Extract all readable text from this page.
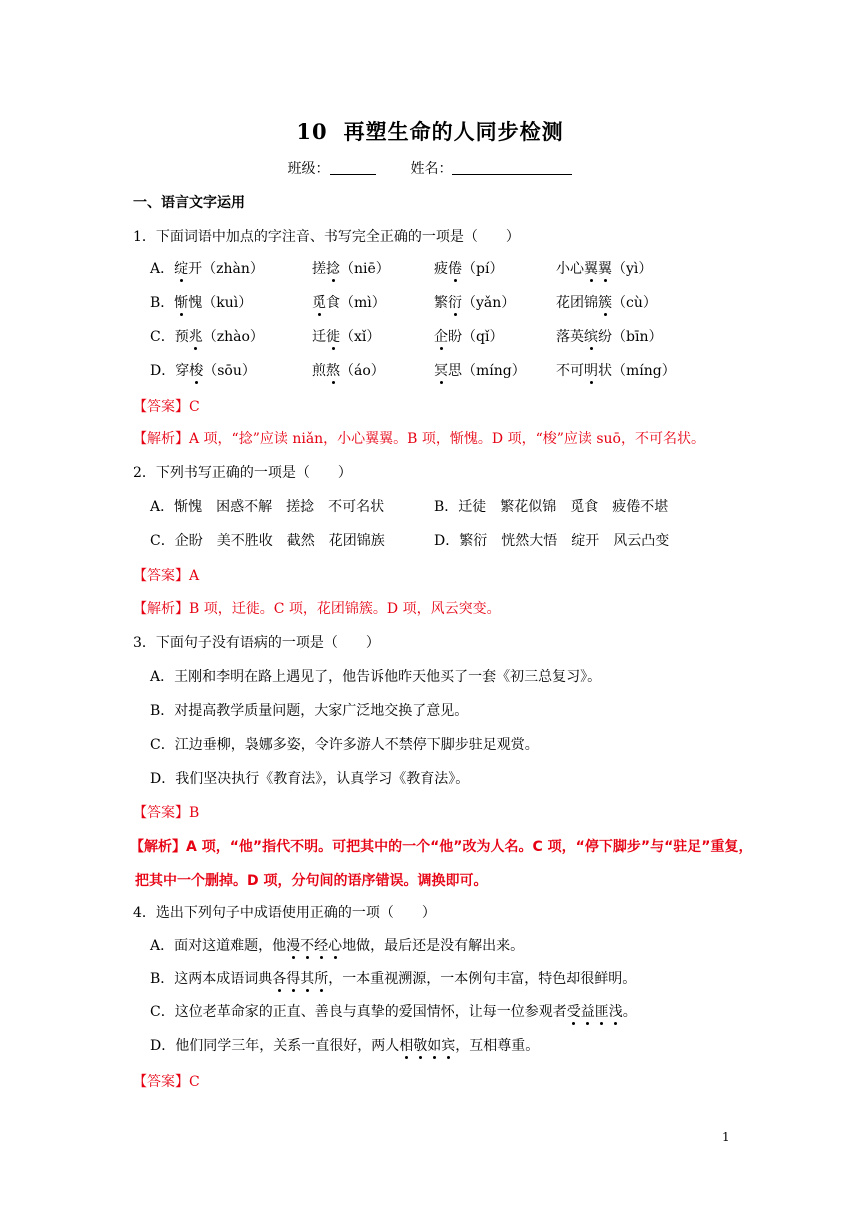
10 再塑生命的人同步检测
班级：	姓名：
一、语言文字运用
1．下面词语中加点的字注音、书写完全正确的一项是（　　）
A．绽开（zhàn）	搓捻（niē）	疲倦（pí）	小心翼翼（yì）
B．惭愧（kuì）	觅食（mì）	繁衍（yǎn）	花团锦簇（cù）
C．预兆（zhào）	迁徙（xǐ）	企盼（qǐ）	落英缤纷（bīn）
D．穿梭（sōu）	煎熬（áo）	冥思（míng） 不可明状（míng）
【答案】C
【解析】A 项，“捻”应读 niǎn，小心翼翼。B 项，惭愧。D 项，“梭”应读 suō，不可名状。
2．下列书写正确的一项是（　　）
A．惭愧　困惑不解　搓捻　不可名状	B．迁徒　繁花似锦　觅食　疲倦不堪
C．企盼　美不胜收　截然　花团锦族	D．繁衍　恍然大悟　绽开　风云凸变
【答案】A
【解析】B 项，迁徙。C 项，花团锦簇。D 项，风云突变。
3．下面句子没有语病的一项是（　　）
A．王刚和李明在路上遇见了，他告诉他昨天他买了一套《初三总复习》。
B．对提高教学质量问题，大家广泛地交换了意见。
C．江边垂柳，袅娜多姿，令许多游人不禁停下脚步驻足观赏。
D．我们坚决执行《教育法》，认真学习《教育法》。
【答案】B
【解析】A 项，“他”指代不明。可把其中的一个“他”改为人名。C 项，“停下脚步”与“驻足”重复，
把其中一个删掉。D 项，分句间的语序错误。调换即可。
4．选出下列句子中成语使用正确的一项（　　）
A．面对这道难题，他漫不经心地做，最后还是没有解出来。
B．这两本成语词典各得其所，一本重视溯源，一本例句丰富，特色却很鲜明。
C．这位老革命家的正直、善良与真挚的爱国情怀，让每一位参观者受益匪浅。
D．他们同学三年，关系一直很好，两人相敬如宾，互相尊重。
【答案】C
1
